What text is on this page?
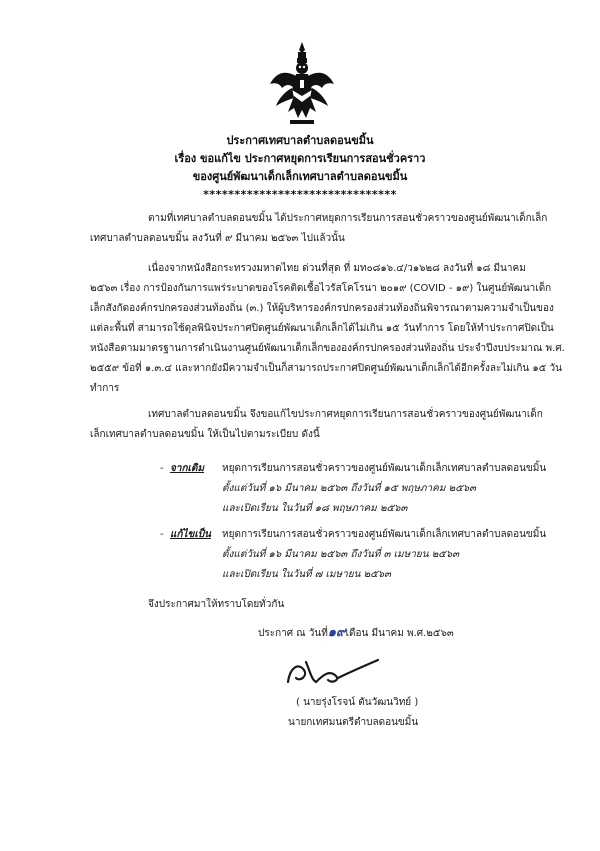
ประกาศเทศบาลตำบลดอนขมิ้น
เรื่อง ขอแก้ไข ประกาศหยุดการเรียนการสอนชั่วคราว
ของศูนย์พัฒนาเด็กเล็กเทศบาลตำบลดอนขมิ้น
*******************************
ตามที่เทศบาลตำบลดอนขมิ้น ได้ประกาศหยุดการเรียนการสอนชั่วคราวของศูนย์พัฒนาเด็กเล็ก
เทศบาลตำบลดอนขมิ้น ลงวันที่ ๙ มีนาคม ๒๕๖๓ ไปแล้วนั้น
เนื่องจากหนังสือกระทรวงมหาดไทย ด่วนที่สุด ที่ มท๐๘๑๖.๔/ว๑๖๒๘ ลงวันที่ ๑๘ มีนาคม
๒๕๖๓ เรื่อง การป้องกันการแพร่ระบาดของโรคติดเชื้อไวรัสโคโรนา ๒๐๑๙ (COVID - ๑๙) ในศูนย์พัฒนาเด็ก
เล็กสังกัดองค์กรปกครองส่วนท้องถิ่น (๓.) ให้ผู้บริหารองค์กรปกครองส่วนท้องถิ่นพิจารณาตามความจำเป็นของ
แต่ละพื้นที่ สามารถใช้ดุลพินิจประกาศปิดศูนย์พัฒนาเด็กเล็กได้ไม่เกิน ๑๕ วันทำการ โดยให้ทำประกาศปิดเป็น
หนังสือตามมาตรฐานการดำเนินงานศูนย์พัฒนาเด็กเล็กขององค์กรปกครองส่วนท้องถิ่น ประจำปีงบประมาณ พ.ศ.
๒๕๕๙ ข้อที่ ๑.๓.๔ และหากยังมีความจำเป็นก็สามารถประกาศปิดศูนย์พัฒนาเด็กเล็กได้อีกครั้งละไม่เกิน ๑๕ วัน
ทำการ
เทศบาลตำบลดอนขมิ้น จึงขอแก้ไขประกาศหยุดการเรียนการสอนชั่วคราวของศูนย์พัฒนาเด็ก
เล็กเทศบาลตำบลดอนขมิ้น ให้เป็นไปตามระเบียบ ดังนี้
- จากเดิม หยุดการเรียนการสอนชั่วคราวของศูนย์พัฒนาเด็กเล็กเทศบาลตำบลดอนขมิ้น
ตั้งแต่วันที่ ๑๖ มีนาคม ๒๕๖๓ ถึงวันที่ ๑๕ พฤษภาคม ๒๕๖๓
และเปิดเรียน ในวันที่ ๑๘ พฤษภาคม ๒๕๖๓
- แก้ไขเป็น หยุดการเรียนการสอนชั่วคราวของศูนย์พัฒนาเด็กเล็กเทศบาลตำบลดอนขมิ้น
ตั้งแต่วันที่ ๑๖ มีนาคม ๒๕๖๓ ถึงวันที่ ๓ เมษายน ๒๕๖๓
และเปิดเรียน ในวันที่ ๗ เมษายน ๒๕๖๓
จึงประกาศมาให้ทราบโดยทั่วกัน
ประกาศ ณ วันที่๑๙เดือน มีนาคม พ.ศ.๒๕๖๓
( นายรุ่งโรจน์ ตันวัฒนวิทย์ )
นายกเทศมนตรีตำบลดอนขมิ้น
